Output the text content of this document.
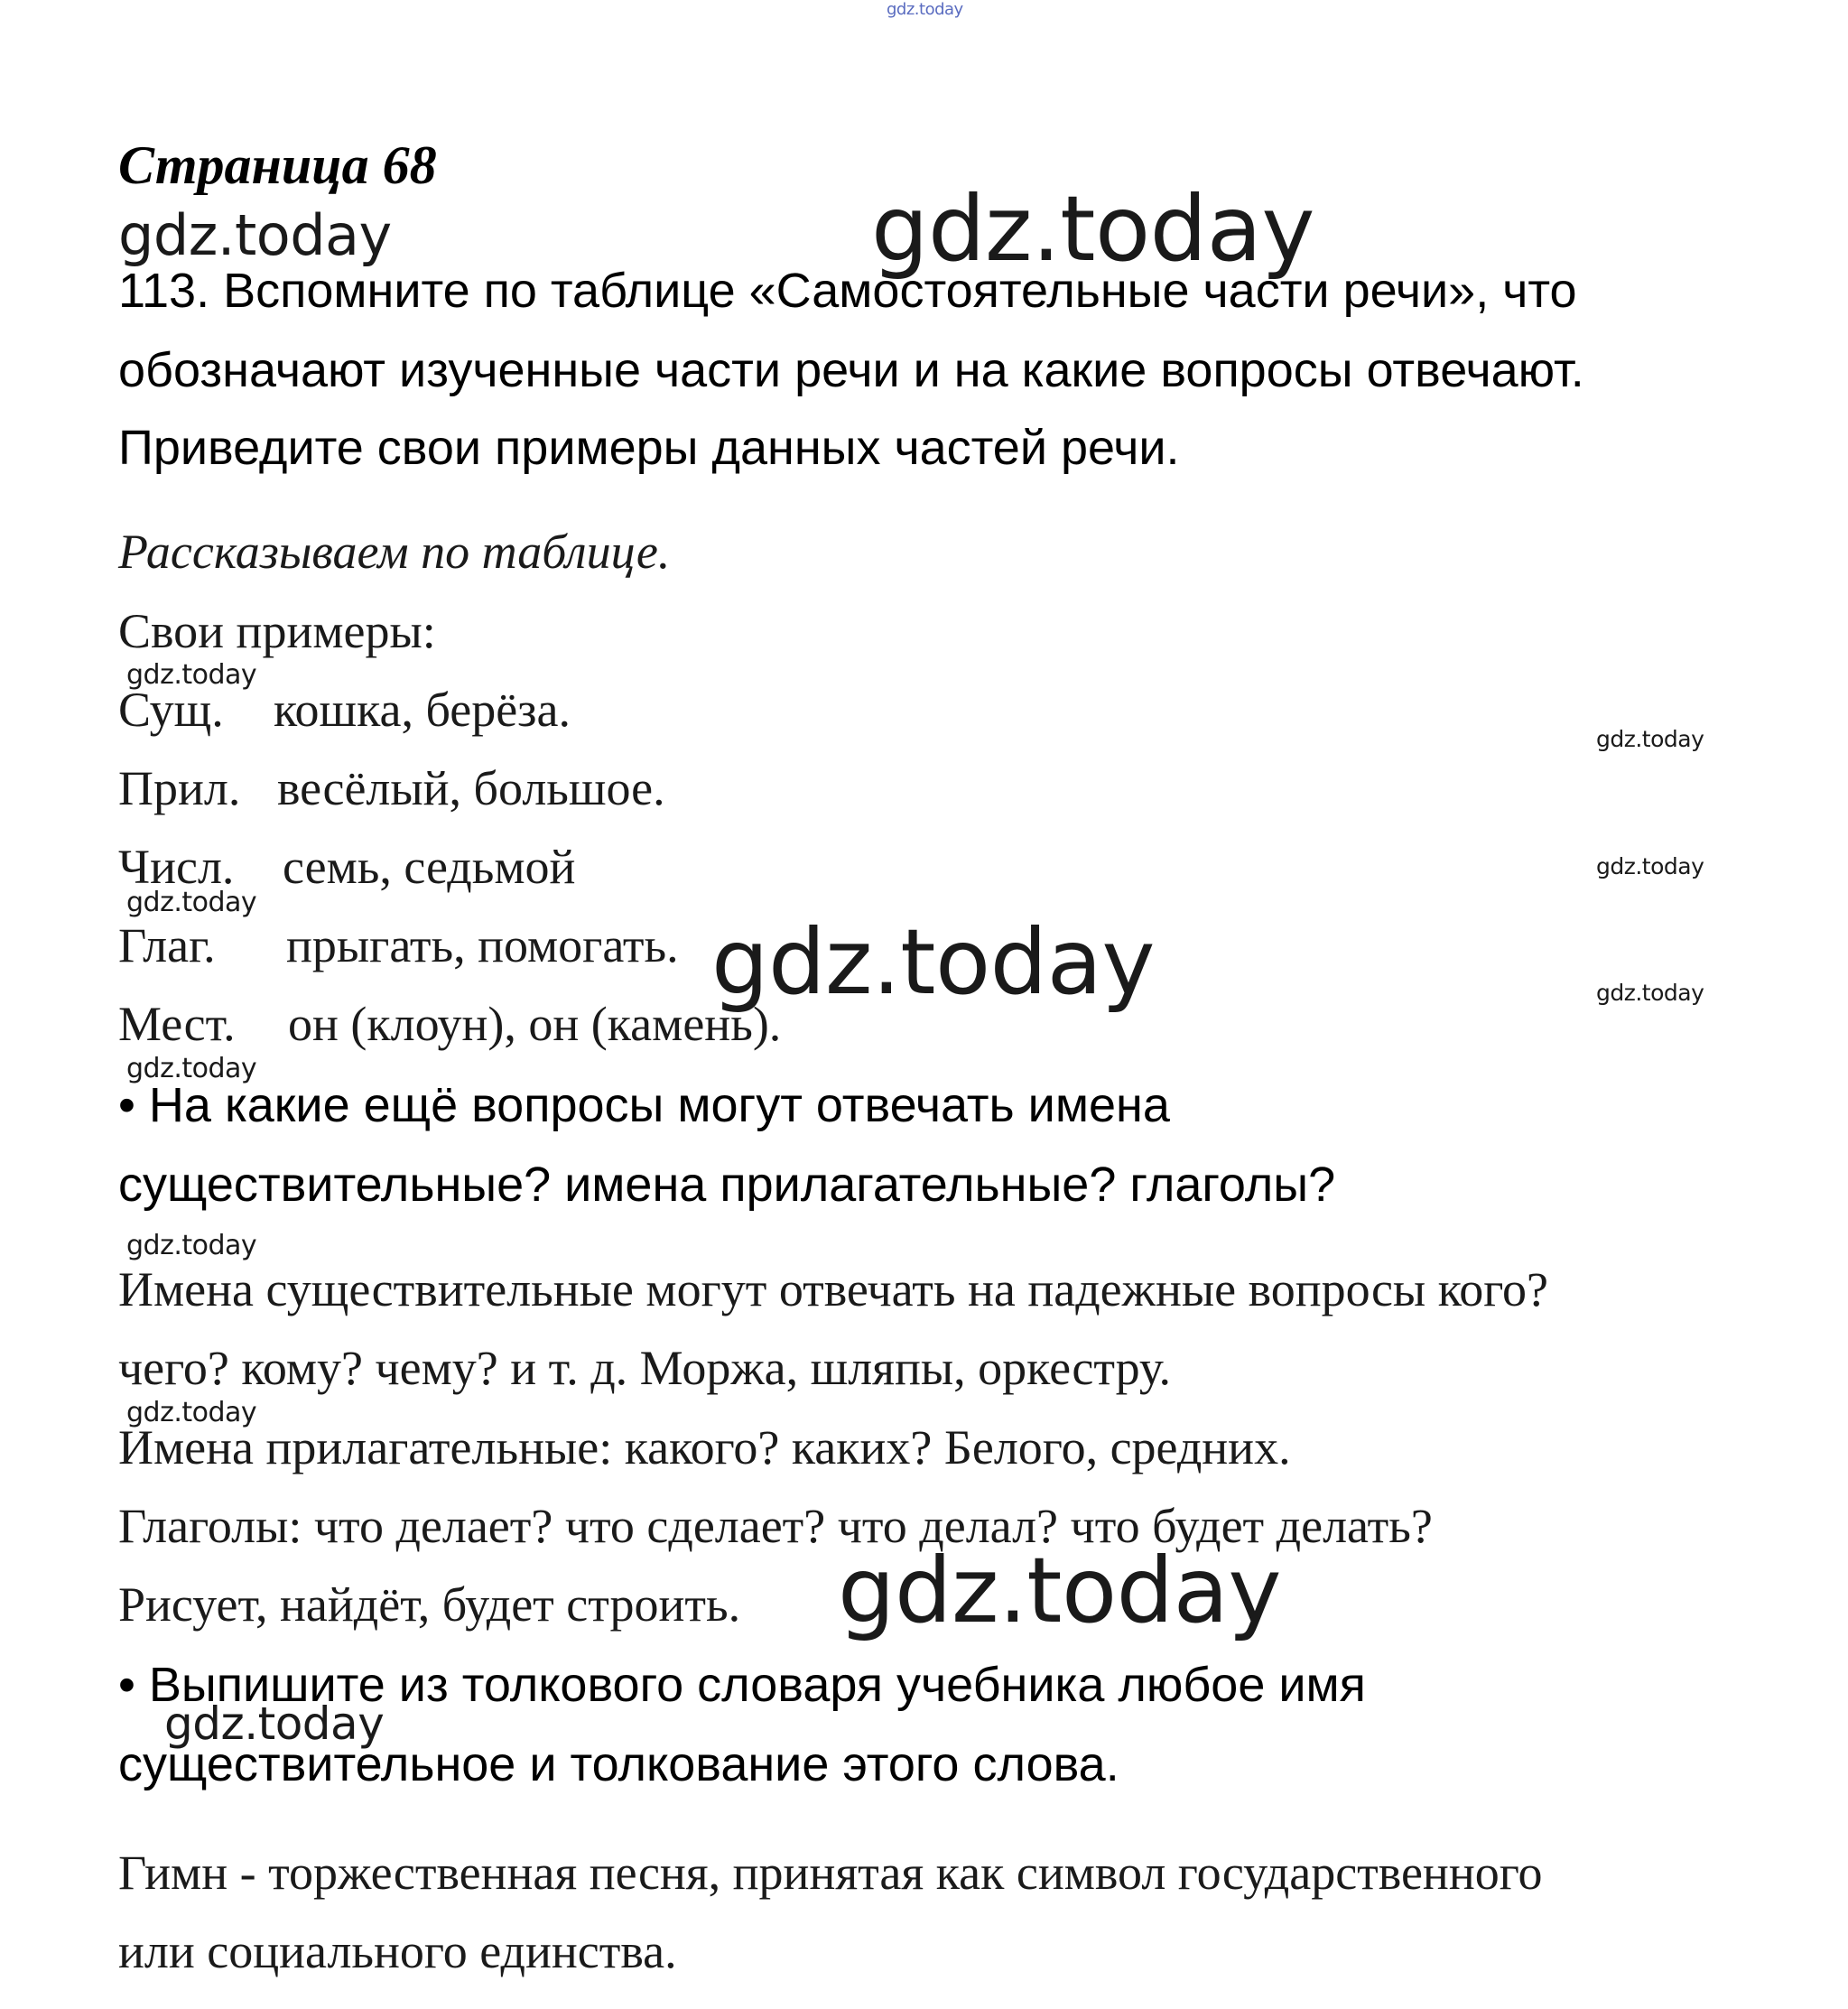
gdz.today
gdz.today	gdz.today
gdz.today
gdz.today
gdz.today
gdz.today
gdz.today	gdz.today
gdz.today
gdz.today
gdz.today
gdz.today
gdz.today
Страница 68
113. Вспомните по таблице «Самостоятельные части речи», что
обозначают изученные части речи и на какие вопросы отвечают.
Приведите свои примеры данных частей речи.
Рассказываем по таблице.
Свои примеры:
Сущ. кошка, берёза.
Прил. весёлый, большое.
Числ. семь, седьмой
Глаг. прыгать, помогать.
Мест. он (клоун), он (камень).
• На какие ещё вопросы могут отвечать имена
существительные? имена прилагательные? глаголы?
Имена существительные могут отвечать на падежные вопросы кого?
чего? кому? чему? и т. д. Моржа, шляпы, оркестру.
Имена прилагательные: какого? каких? Белого, средних.
Глаголы: что делает? что сделает? что делал? что будет делать?
Рисует, найдёт, будет строить.
• Выпишите из толкового словаря учебника любое имя
существительное и толкование этого слова.
Гимн - торжественная песня, принятая как символ государственного
или социального единства.
